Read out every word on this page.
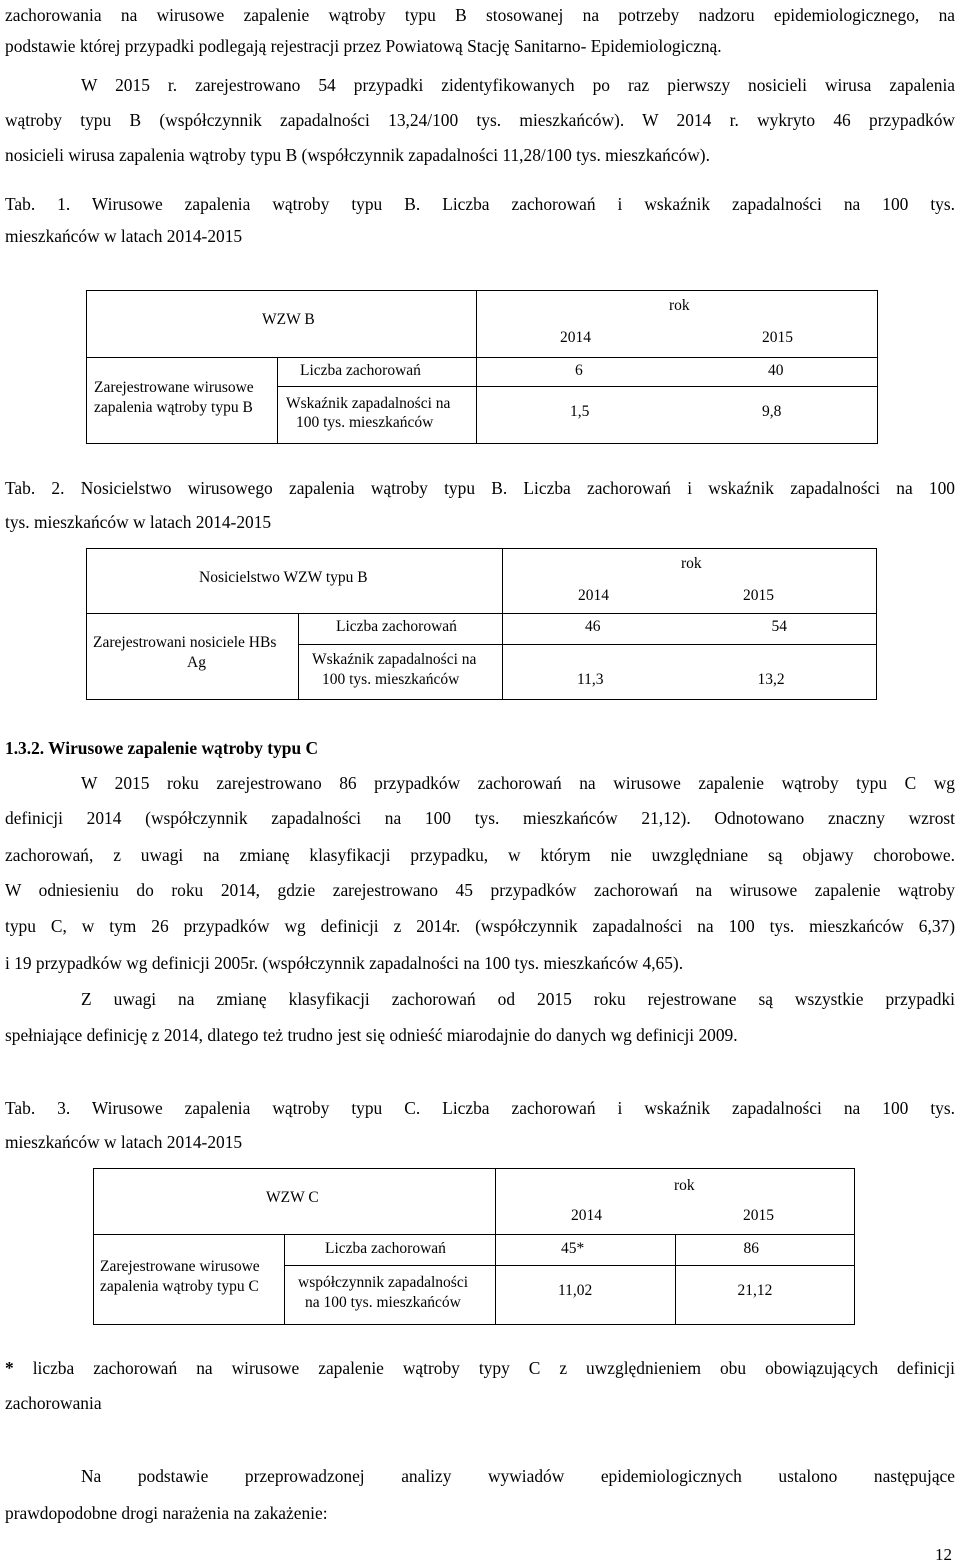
zachorowania na wirusowe zapalenie wątroby typu B stosowanej na potrzeby nadzoru epidemiologicznego, na
podstawie której przypadki podlegają rejestracji przez Powiatową Stację Sanitarno- Epidemiologiczną.
W 2015 r. zarejestrowano 54 przypadki zidentyfikowanych po raz pierwszy nosicieli wirusa zapalenia
wątroby typu B (współczynnik zapadalności 13,24/100 tys. mieszkańców). W 2014 r. wykryto 46 przypadków
nosicieli wirusa zapalenia wątroby typu B (współczynnik zapadalności 11,28/100 tys. mieszkańców).
Tab. 1. Wirusowe zapalenia wątroby typu B. Liczba zachorowań i wskaźnik zapadalności na 100 tys.
mieszkańców w latach 2014-2015
WZW B		rok
2014 2015	

Zarejestrowane wirusowe
zapalenia wątroby typu B	Liczba zachorowań	6	40

	Wskaźnik zapadalności na
100 tys. mieszkańców	1,5	9,8
Tab. 2. Nosicielstwo wirusowego zapalenia wątroby typu B. Liczba zachorowań i wskaźnik zapadalności na 100
tys. mieszkańców w latach 2014-2015
Nosicielstwo WZW typu B		rok
2014 2015	

Zarejestrowani nosiciele HBs
Ag	Liczba zachorowań	46	54

	Wskaźnik zapadalności na
100 tys. mieszkańców	11,3	13,2
1.3.2. Wirusowe zapalenie wątroby typu C
W 2015 roku zarejestrowano 86 przypadków zachorowań na wirusowe zapalenie wątroby typu C wg
definicji 2014 (współczynnik zapadalności na 100 tys. mieszkańców 21,12). Odnotowano znaczny wzrost
zachorowań, z uwagi na zmianę klasyfikacji przypadku, w którym nie uwzględniane są objawy chorobowe.
W odniesieniu do roku 2014, gdzie zarejestrowano 45 przypadków zachorowań na wirusowe zapalenie wątroby
typu C, w tym 26 przypadków wg definicji z 2014r. (współczynnik zapadalności na 100 tys. mieszkańców 6,37)
i 19 przypadków wg definicji 2005r. (współczynnik zapadalności na 100 tys. mieszkańców 4,65).
Z uwagi na zmianę klasyfikacji zachorowań od 2015 roku rejestrowane są wszystkie przypadki
spełniające definicję z 2014, dlatego też trudno jest się odnieść miarodajnie do danych wg definicji 2009.
Tab. 3. Wirusowe zapalenia wątroby typu C. Liczba zachorowań i wskaźnik zapadalności na 100 tys.
mieszkańców w latach 2014-2015
WZW C		rok
2014 2015	

Zarejestrowane wirusowe
zapalenia wątroby typu C	Liczba zachorowań	45*	86

	współczynnik zapadalności
na 100 tys. mieszkańców	11,02	21,12
* liczba zachorowań na wirusowe zapalenie wątroby typy C z uwzględnieniem obu obowiązujących definicji
zachorowania
Na podstawie przeprowadzonej analizy wywiadów epidemiologicznych ustalono następujące
prawdopodobne drogi narażenia na zakażenie:
12
